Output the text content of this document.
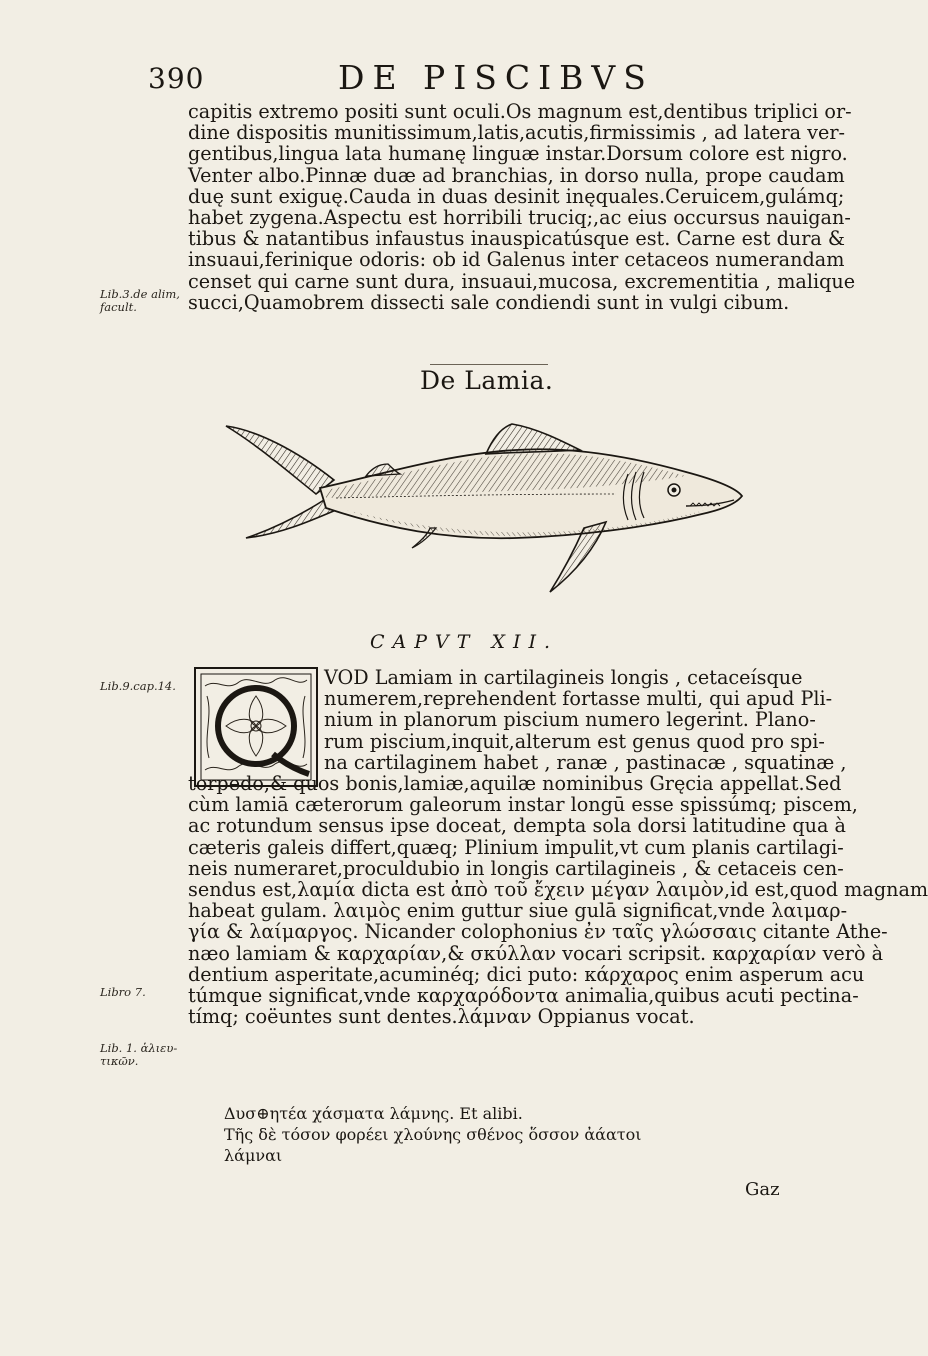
390	DE PISCIBVS
Lib.3.de alim,
facult.
Lib.9.cap.14.
Libro 7.
Lib. 1. ἁλιευ-
τικῶν.
capitis extremo positi sunt oculi.Os magnum est,dentibus triplici or-
dine dispositis munitissimum,latis,acutis,firmissimis , ad latera ver-
gentibus,lingua lata humanę linguæ instar.Dorsum colore est nigro.
Venter albo.Pinnæ duæ ad branchias, in dorso nulla, prope caudam
duę sunt exiguę.Cauda in duas desinit inęquales.Ceruicem,gulámq;
habet zygena.Aspectu est horribili truciq;,ac eius occursus nauigan-
tibus & natantibus infaustus inauspicatúsque est. Carne est dura &
insuaui,ferinique odoris: ob id Galenus inter cetaceos numerandam
censet qui carne sunt dura, insuaui,mucosa, excrementitia , malique
succi,Quamobrem dissecti sale condiendi sunt in vulgi cibum.
De Lamia.
CAPVT XII.
VOD Lamiam in cartilagineis longis , cetaceísque
numerem,reprehendent fortasse multi, qui apud Pli-
nium in planorum piscium numero legerint. Plano-
rum piscium,inquit,alterum est genus quod pro spi-
na cartilaginem habet , ranæ , pastinacæ , squatinæ ,
torpedo,& quos bonis,lamiæ,aquilæ nominibus Gręcia appellat.Sed
cùm lamiā cæterorum galeorum instar longū esse spissúmq; piscem,
ac rotundum sensus ipse doceat, dempta sola dorsi latitudine qua à
cæteris galeis differt,quæq; Plinium impulit,vt cum planis cartilagi-
neis numeraret,proculdubio in longis cartilagineis , & cetaceis cen-
sendus est,λαμία dicta est ἀπὸ τοῦ ἔχειν μέγαν λαιμὸν,id est,quod magnam
habeat gulam. λαιμὸς enim guttur siue gulā significat,vnde λαιμαρ-
γία & λαίμαργος. Nicander colophonius ἐν ταῖς γλώσσαις citante Athe-
næo lamiam & καρχαρίαν,& σκύλλαν vocari scripsit. καρχαρίαν verò à
dentium asperitate,acuminéq; dici puto: κάρχαρος enim asperum acu
túmque significat,vnde καρχαρόδοντα animalia,quibus acuti pectina-
tímq; coëuntes sunt dentes.λάμναν Oppianus vocat.
Δυσ⊕ητέα χάσματα λάμνης. Et alibi.
Τῆς δὲ τόσον φορέει χλούνης σθένος ὅσσον ἀάατοι
λάμναι
Gaz
